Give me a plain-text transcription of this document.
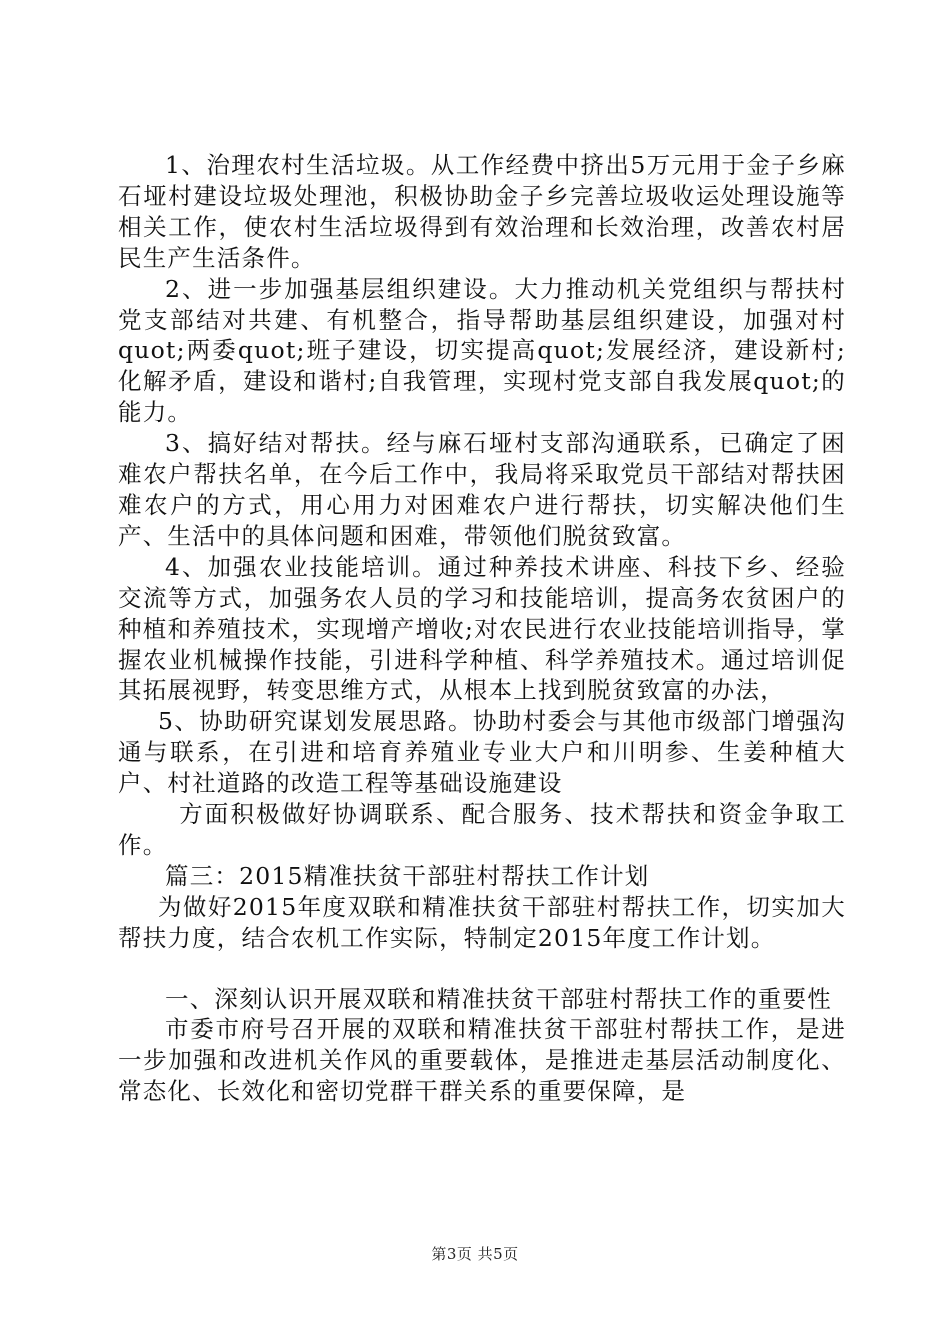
1、治理农村生活垃圾。从工作经费中挤出5万元用于金子乡麻石垭村建设垃圾处理池，积极协助金子乡完善垃圾收运处理设施等相关工作，使农村生活垃圾得到有效治理和长效治理，改善农村居民生产生活条件。

2、进一步加强基层组织建设。大力推动机关党组织与帮扶村党支部结对共建、有机整合，指导帮助基层组织建设，加强对村quot;两委quot;班子建设，切实提高quot;发展经济，建设新村;化解矛盾，建设和谐村;自我管理，实现村党支部自我发展quot;的能力。

3、搞好结对帮扶。经与麻石垭村支部沟通联系，已确定了困难农户帮扶名单，在今后工作中，我局将采取党员干部结对帮扶困难农户的方式，用心用力对困难农户进行帮扶，切实解决他们生产、生活中的具体问题和困难，带领他们脱贫致富。

4、加强农业技能培训。通过种养技术讲座、科技下乡、经验交流等方式，加强务农人员的学习和技能培训，提高务农贫困户的种植和养殖技术，实现增产增收;对农民进行农业技能培训指导，掌握农业机械操作技能，引进科学种植、科学养殖技术。通过培训促其拓展视野，转变思维方式，从根本上找到脱贫致富的办法，

5、协助研究谋划发展思路。协助村委会与其他市级部门增强沟通与联系，在引进和培育养殖业专业大户和川明参、生姜种植大户、村社道路的改造工程等基础设施建设

方面积极做好协调联系、配合服务、技术帮扶和资金争取工作。

篇三：2015精准扶贫干部驻村帮扶工作计划

为做好2015年度双联和精准扶贫干部驻村帮扶工作，切实加大帮扶力度，结合农机工作实际，特制定2015年度工作计划。

一、深刻认识开展双联和精准扶贫干部驻村帮扶工作的重要性

市委市府号召开展的双联和精准扶贫干部驻村帮扶工作，是进一步加强和改进机关作风的重要载体，是推进走基层活动制度化、常态化、长效化和密切党群干群关系的重要保障，是

第3页 共5页
